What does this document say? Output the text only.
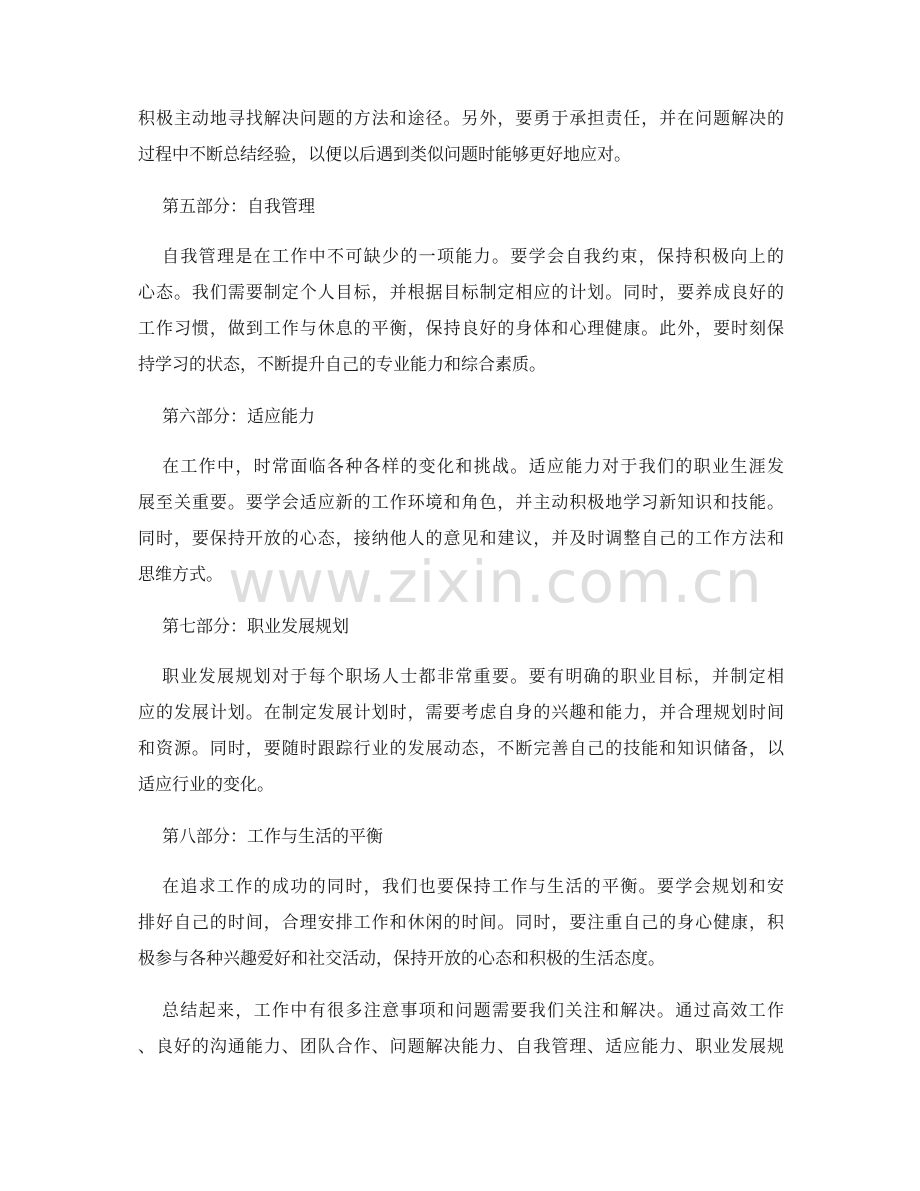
积极主动地寻找解决问题的方法和途径。另外，要勇于承担责任，并在问题解决的
过程中不断总结经验，以便以后遇到类似问题时能够更好地应对。
第五部分：自我管理
自我管理是在工作中不可缺少的一项能力。要学会自我约束，保持积极向上的
心态。我们需要制定个人目标，并根据目标制定相应的计划。同时，要养成良好的
工作习惯，做到工作与休息的平衡，保持良好的身体和心理健康。此外，要时刻保
持学习的状态，不断提升自己的专业能力和综合素质。
第六部分：适应能力
在工作中，时常面临各种各样的变化和挑战。适应能力对于我们的职业生涯发
展至关重要。要学会适应新的工作环境和角色，并主动积极地学习新知识和技能。
同时，要保持开放的心态，接纳他人的意见和建议，并及时调整自己的工作方法和
思维方式。
第七部分：职业发展规划
职业发展规划对于每个职场人士都非常重要。要有明确的职业目标，并制定相
应的发展计划。在制定发展计划时，需要考虑自身的兴趣和能力，并合理规划时间
和资源。同时，要随时跟踪行业的发展动态，不断完善自己的技能和知识储备，以
适应行业的变化。
第八部分：工作与生活的平衡
在追求工作的成功的同时，我们也要保持工作与生活的平衡。要学会规划和安
排好自己的时间，合理安排工作和休闲的时间。同时，要注重自己的身心健康，积
极参与各种兴趣爱好和社交活动，保持开放的心态和积极的生活态度。
总结起来，工作中有很多注意事项和问题需要我们关注和解决。通过高效工作
、良好的沟通能力、团队合作、问题解决能力、自我管理、适应能力、职业发展规
www.zixin.com.cn
